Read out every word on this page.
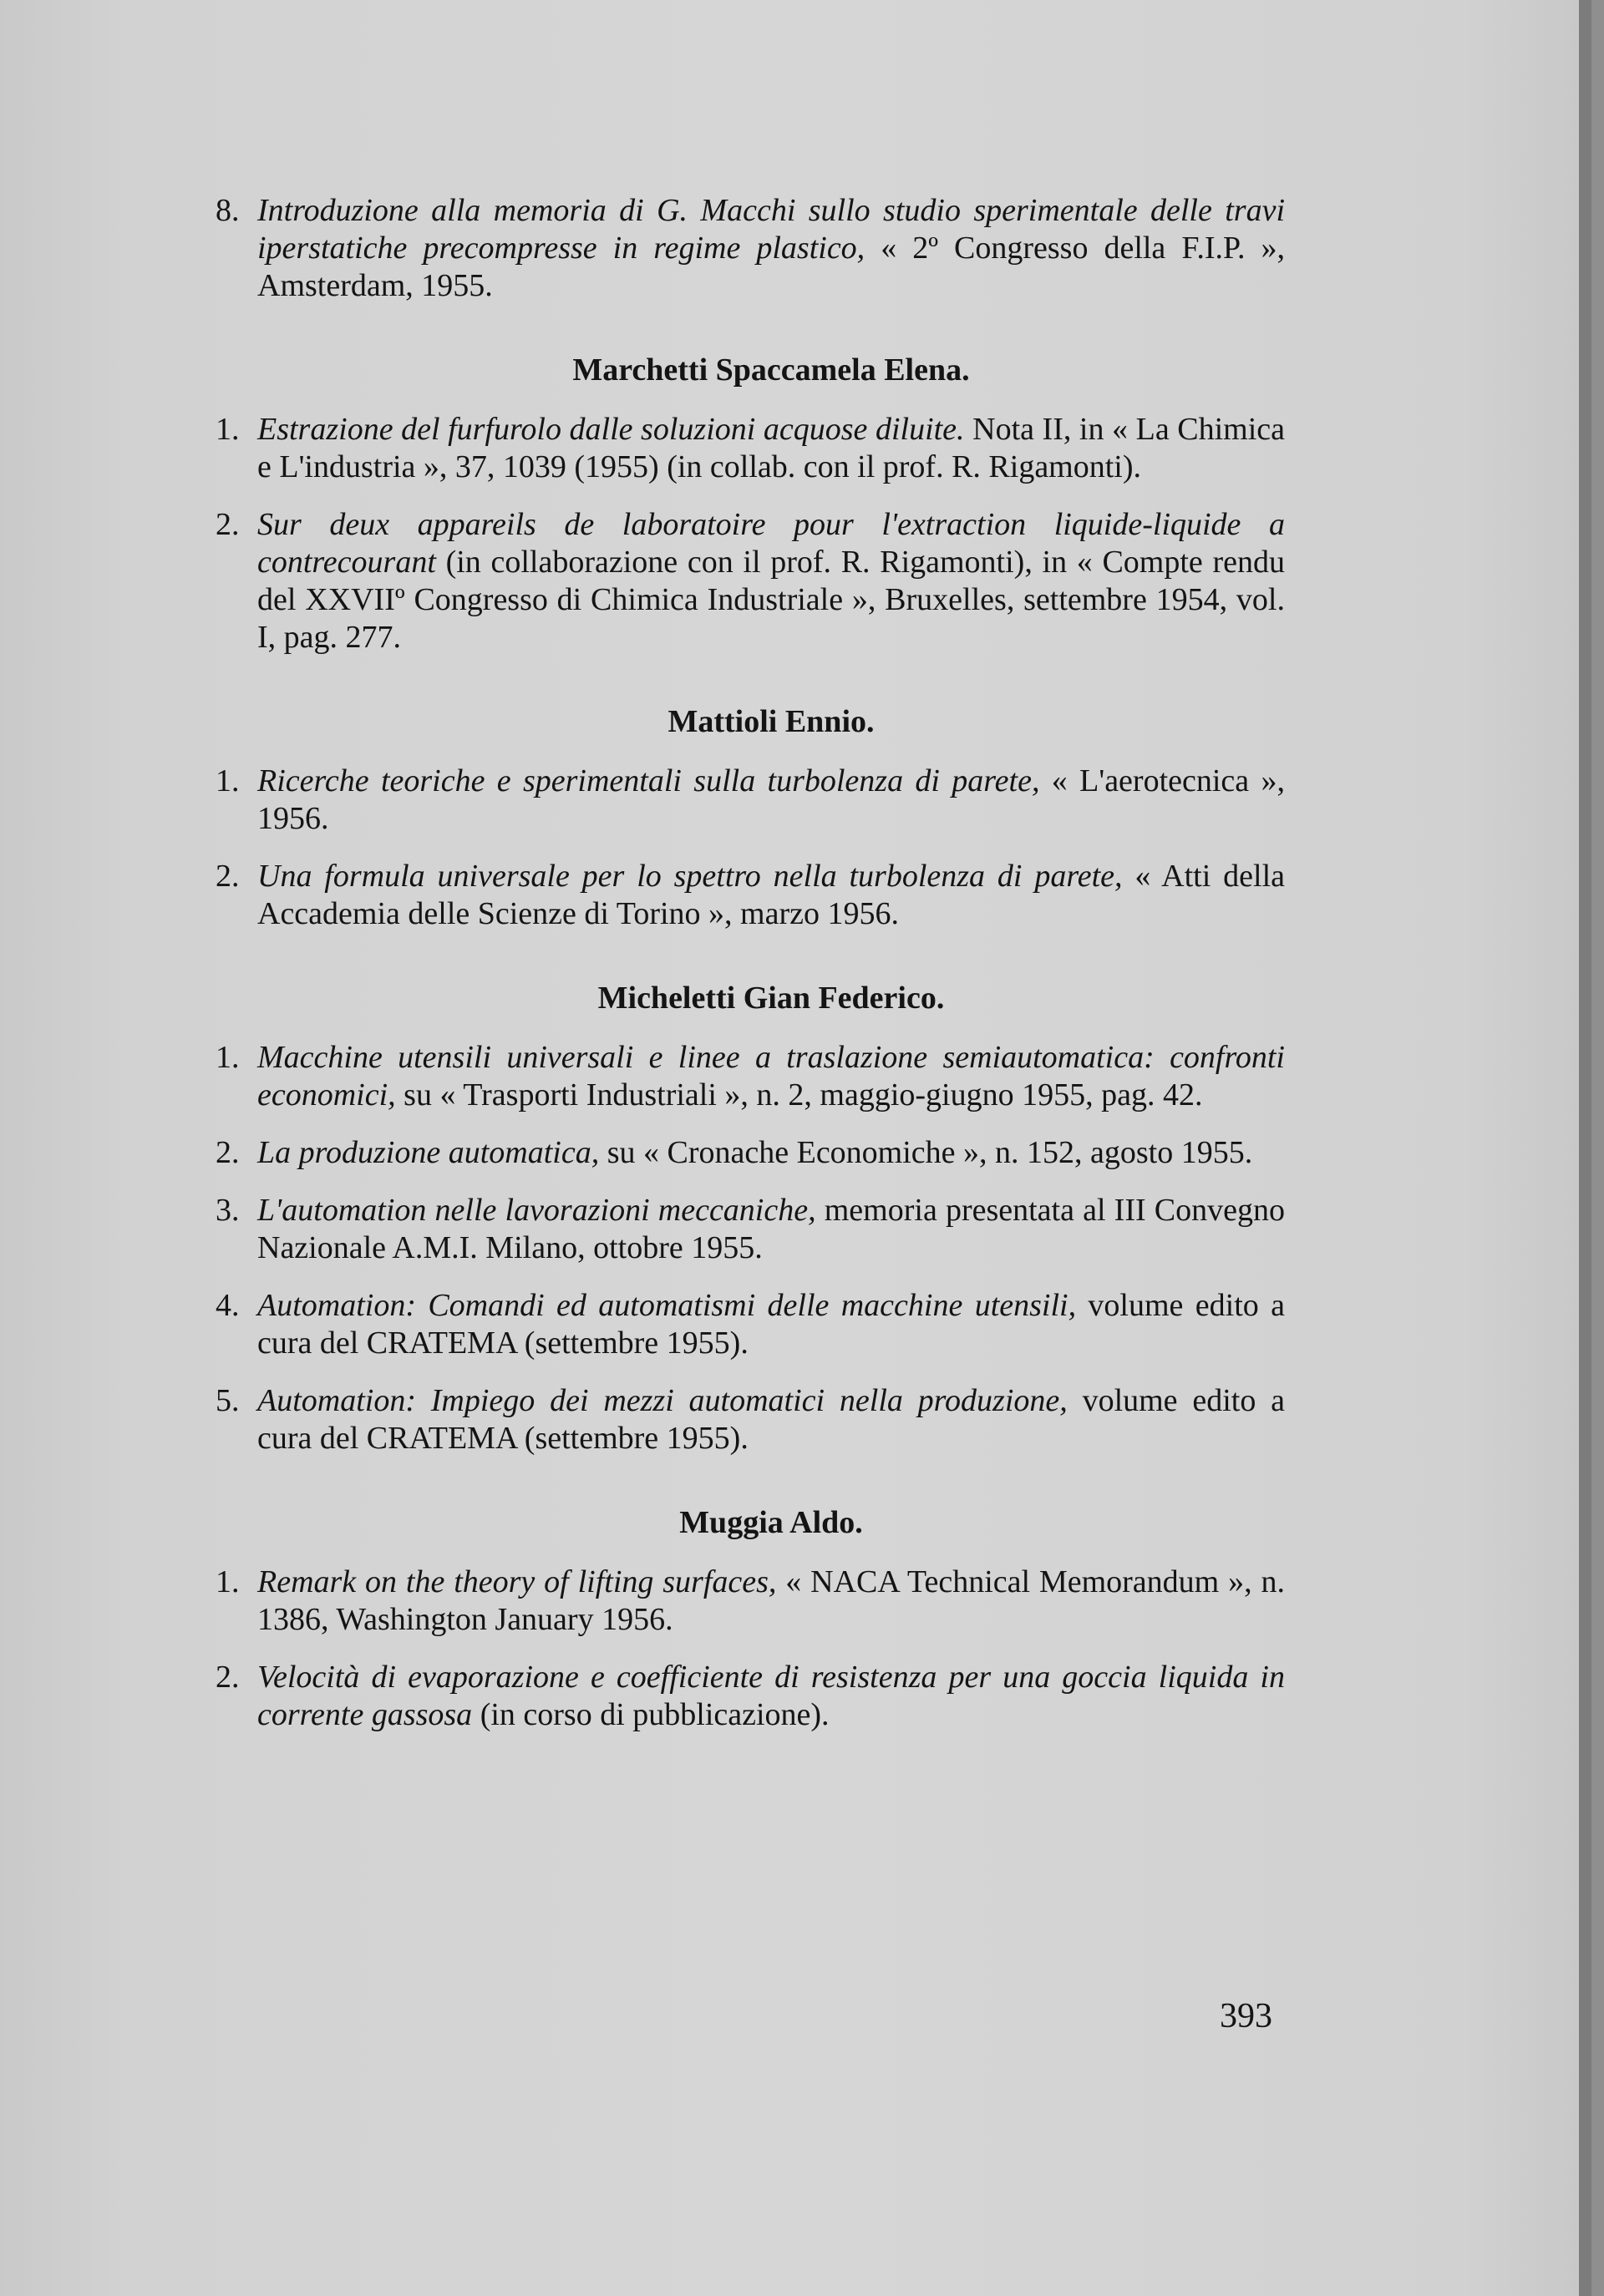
8. Introduzione alla memoria di G. Macchi sullo studio sperimentale delle travi iperstatiche precompresse in regime plastico, « 2º Congresso della F.I.P. », Amsterdam, 1955.
Marchetti Spaccamela Elena.
1. Estrazione del furfurolo dalle soluzioni acquose diluite. Nota II, in « La Chimica e L'industria », 37, 1039 (1955) (in collab. con il prof. R. Rigamonti).
2. Sur deux appareils de laboratoire pour l'extraction liquide-liquide a contrecourant (in collaborazione con il prof. R. Rigamonti), in « Compte rendu del XXVIIº Congresso di Chimica Industriale », Bruxelles, settembre 1954, vol. I, pag. 277.
Mattioli Ennio.
1. Ricerche teoriche e sperimentali sulla turbolenza di parete, « L'aerotecnica », 1956.
2. Una formula universale per lo spettro nella turbolenza di parete, « Atti della Accademia delle Scienze di Torino », marzo 1956.
Micheletti Gian Federico.
1. Macchine utensili universali e linee a traslazione semiautomatica: confronti economici, su « Trasporti Industriali », n. 2, maggio-giugno 1955, pag. 42.
2. La produzione automatica, su « Cronache Economiche », n. 152, agosto 1955.
3. L'automation nelle lavorazioni meccaniche, memoria presentata al III Convegno Nazionale A.M.I. Milano, ottobre 1955.
4. Automation: Comandi ed automatismi delle macchine utensili, volume edito a cura del CRATEMA (settembre 1955).
5. Automation: Impiego dei mezzi automatici nella produzione, volume edito a cura del CRATEMA (settembre 1955).
Muggia Aldo.
1. Remark on the theory of lifting surfaces, « NACA Technical Memorandum », n. 1386, Washington January 1956.
2. Velocità di evaporazione e coefficiente di resistenza per una goccia liquida in corrente gassosa (in corso di pubblicazione).
393
